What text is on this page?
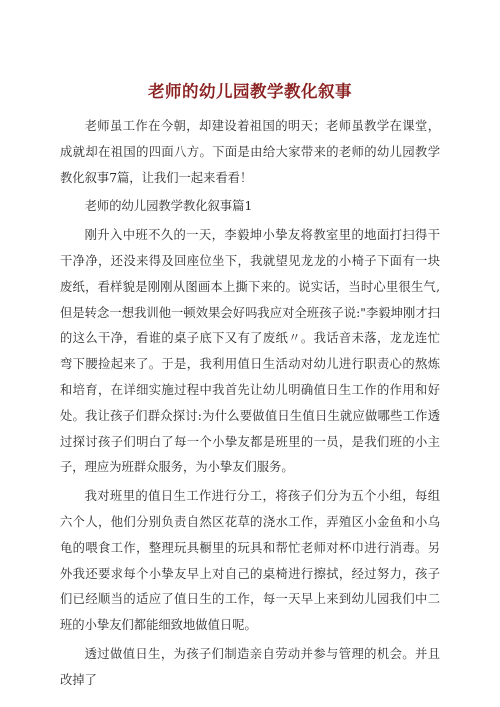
老师的幼儿园教学教化叙事

老师虽工作在今朝，却建设着祖国的明天；老师虽教学在课堂，成就却在祖国的四面八方。下面是由给大家带来的老师的幼儿园教学教化叙事7篇，让我们一起来看看！

老师的幼儿园教学教化叙事篇1

刚升入中班不久的一天，李毅坤小挚友将教室里的地面打扫得干干净净，还没来得及回座位坐下，我就望见龙龙的小椅子下面有一块废纸，看样貌是刚刚从图画本上撕下来的。说实话，当时心里很生气,但是转念一想我训他一顿效果会好吗我应对全班孩子说:"李毅坤刚才扫的这么干净，看谁的桌子底下又有了废纸〃。我话音未落，龙龙连忙弯下腰捡起来了。于是，我利用值日生活动对幼儿进行职责心的熬炼和培育，在详细实施过程中我首先让幼儿明确值日生工作的作用和好处。我让孩子们群众探讨:为什么要做值日生值日生就应做哪些工作透过探讨孩子们明白了每一个小挚友都是班里的一员，是我们班的小主子，理应为班群众服务，为小挚友们服务。

我对班里的值日生工作进行分工，将孩子们分为五个小组，每组六个人，他们分别负责自然区花草的浇水工作，弄殖区小金鱼和小乌龟的喂食工作，整理玩具橱里的玩具和帮忙老师对杯巾进行消毒。另外我还要求每个小挚友早上对自己的桌椅进行擦拭，经过努力，孩子们已经顺当的适应了值日生的工作，每一天早上来到幼儿园我们中二班的小挚友们都能细致地做值日呢。

透过做值日生，为孩子们制造亲自劳动并参与管理的机会。并且改掉了
